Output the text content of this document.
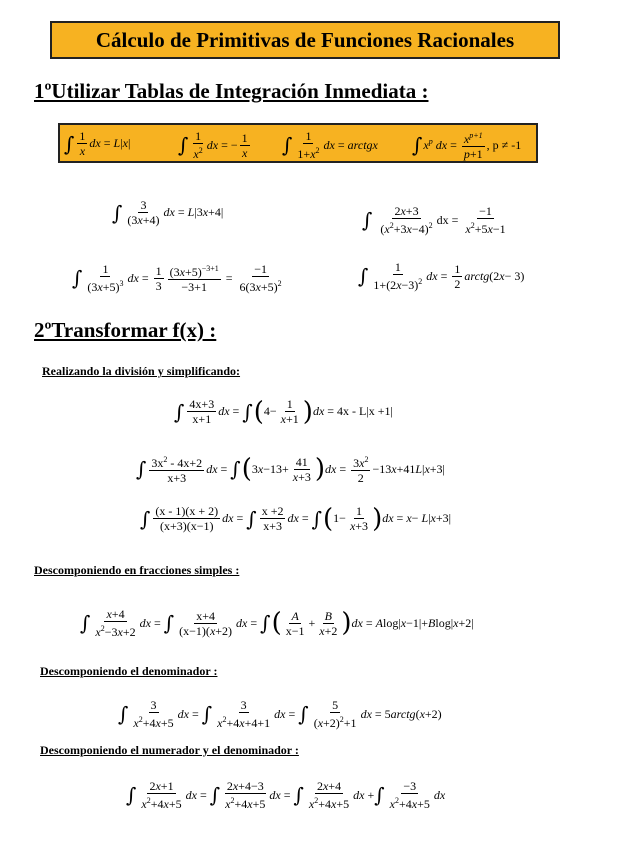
Cálculo de Primitivas de Funciones Racionales
1ºUtilizar Tablas de Integración Inmediata :
∫ 1
x
dx = L | x | ∫ 1
$x^2$ dx = − 1
x ∫ 1
$1+x^2$ dx = arctgx ∫ $x^p$
dx = $x^{p+1}$
p+1
, p ≠ -1
∫ 3
(3x+4)
dx = L |3 x +4|	∫
2x+3
$(x^2+3x-4)^2$ dx =
−1
$x^2+5x-1$
∫ 1
$(3x+5)^3$ dx = 1
3
$(3x+5)^{-3+1}$
−3+1
=
−1
$6(3x+5)^2$	∫ 1
$1+(2x-3)^2$ dx = 1
2
arctg (2 x − 3)
2ºTransformar f(x) :
Realizando la división y simplificando:
∫ 4x+3
x+1
dx = ∫ ( 4− 1
x+1 ) dx = 4x - L|x +1|
∫ $3x^2 - 4x+2$
x+3
dx = ∫ ( 3 x −13+ 41
x+3 ) dx = $3x^2$
2
−13 x +41 L | x +3|
∫ (x - 1)(x + 2)
(x+3)(x−1)
dx = ∫ x +2
x+3
dx = ∫ ( 1− 1
x+3 ) dx = x − L | x +3|
Descomponiendo en fracciones simples :
∫ x+4
$x^2-3x+2$
dx = ∫ x+4
(x−1)(x+2)
dx = ∫ ( A
x−1
+ B
x+2 ) dx = A log| x −1|+ B log| x +2|
Descomponiendo el denominador :
∫ 3
$x^2+4x+5$
dx = ∫ 3
$x^2+4x+4+1$
dx = ∫ 5
$(x+2)^2+1$
dx = 5 arctg ( x +2)
Descomponiendo el numerador y el denominador :
∫ 2x+1
$x^2+4x+5$
dx = ∫ 2x+4−3
$x^2+4x+5$
dx = ∫ 2x+4
$x^2+4x+5$
dx + ∫ −3
$x^2+4x+5$
dx
